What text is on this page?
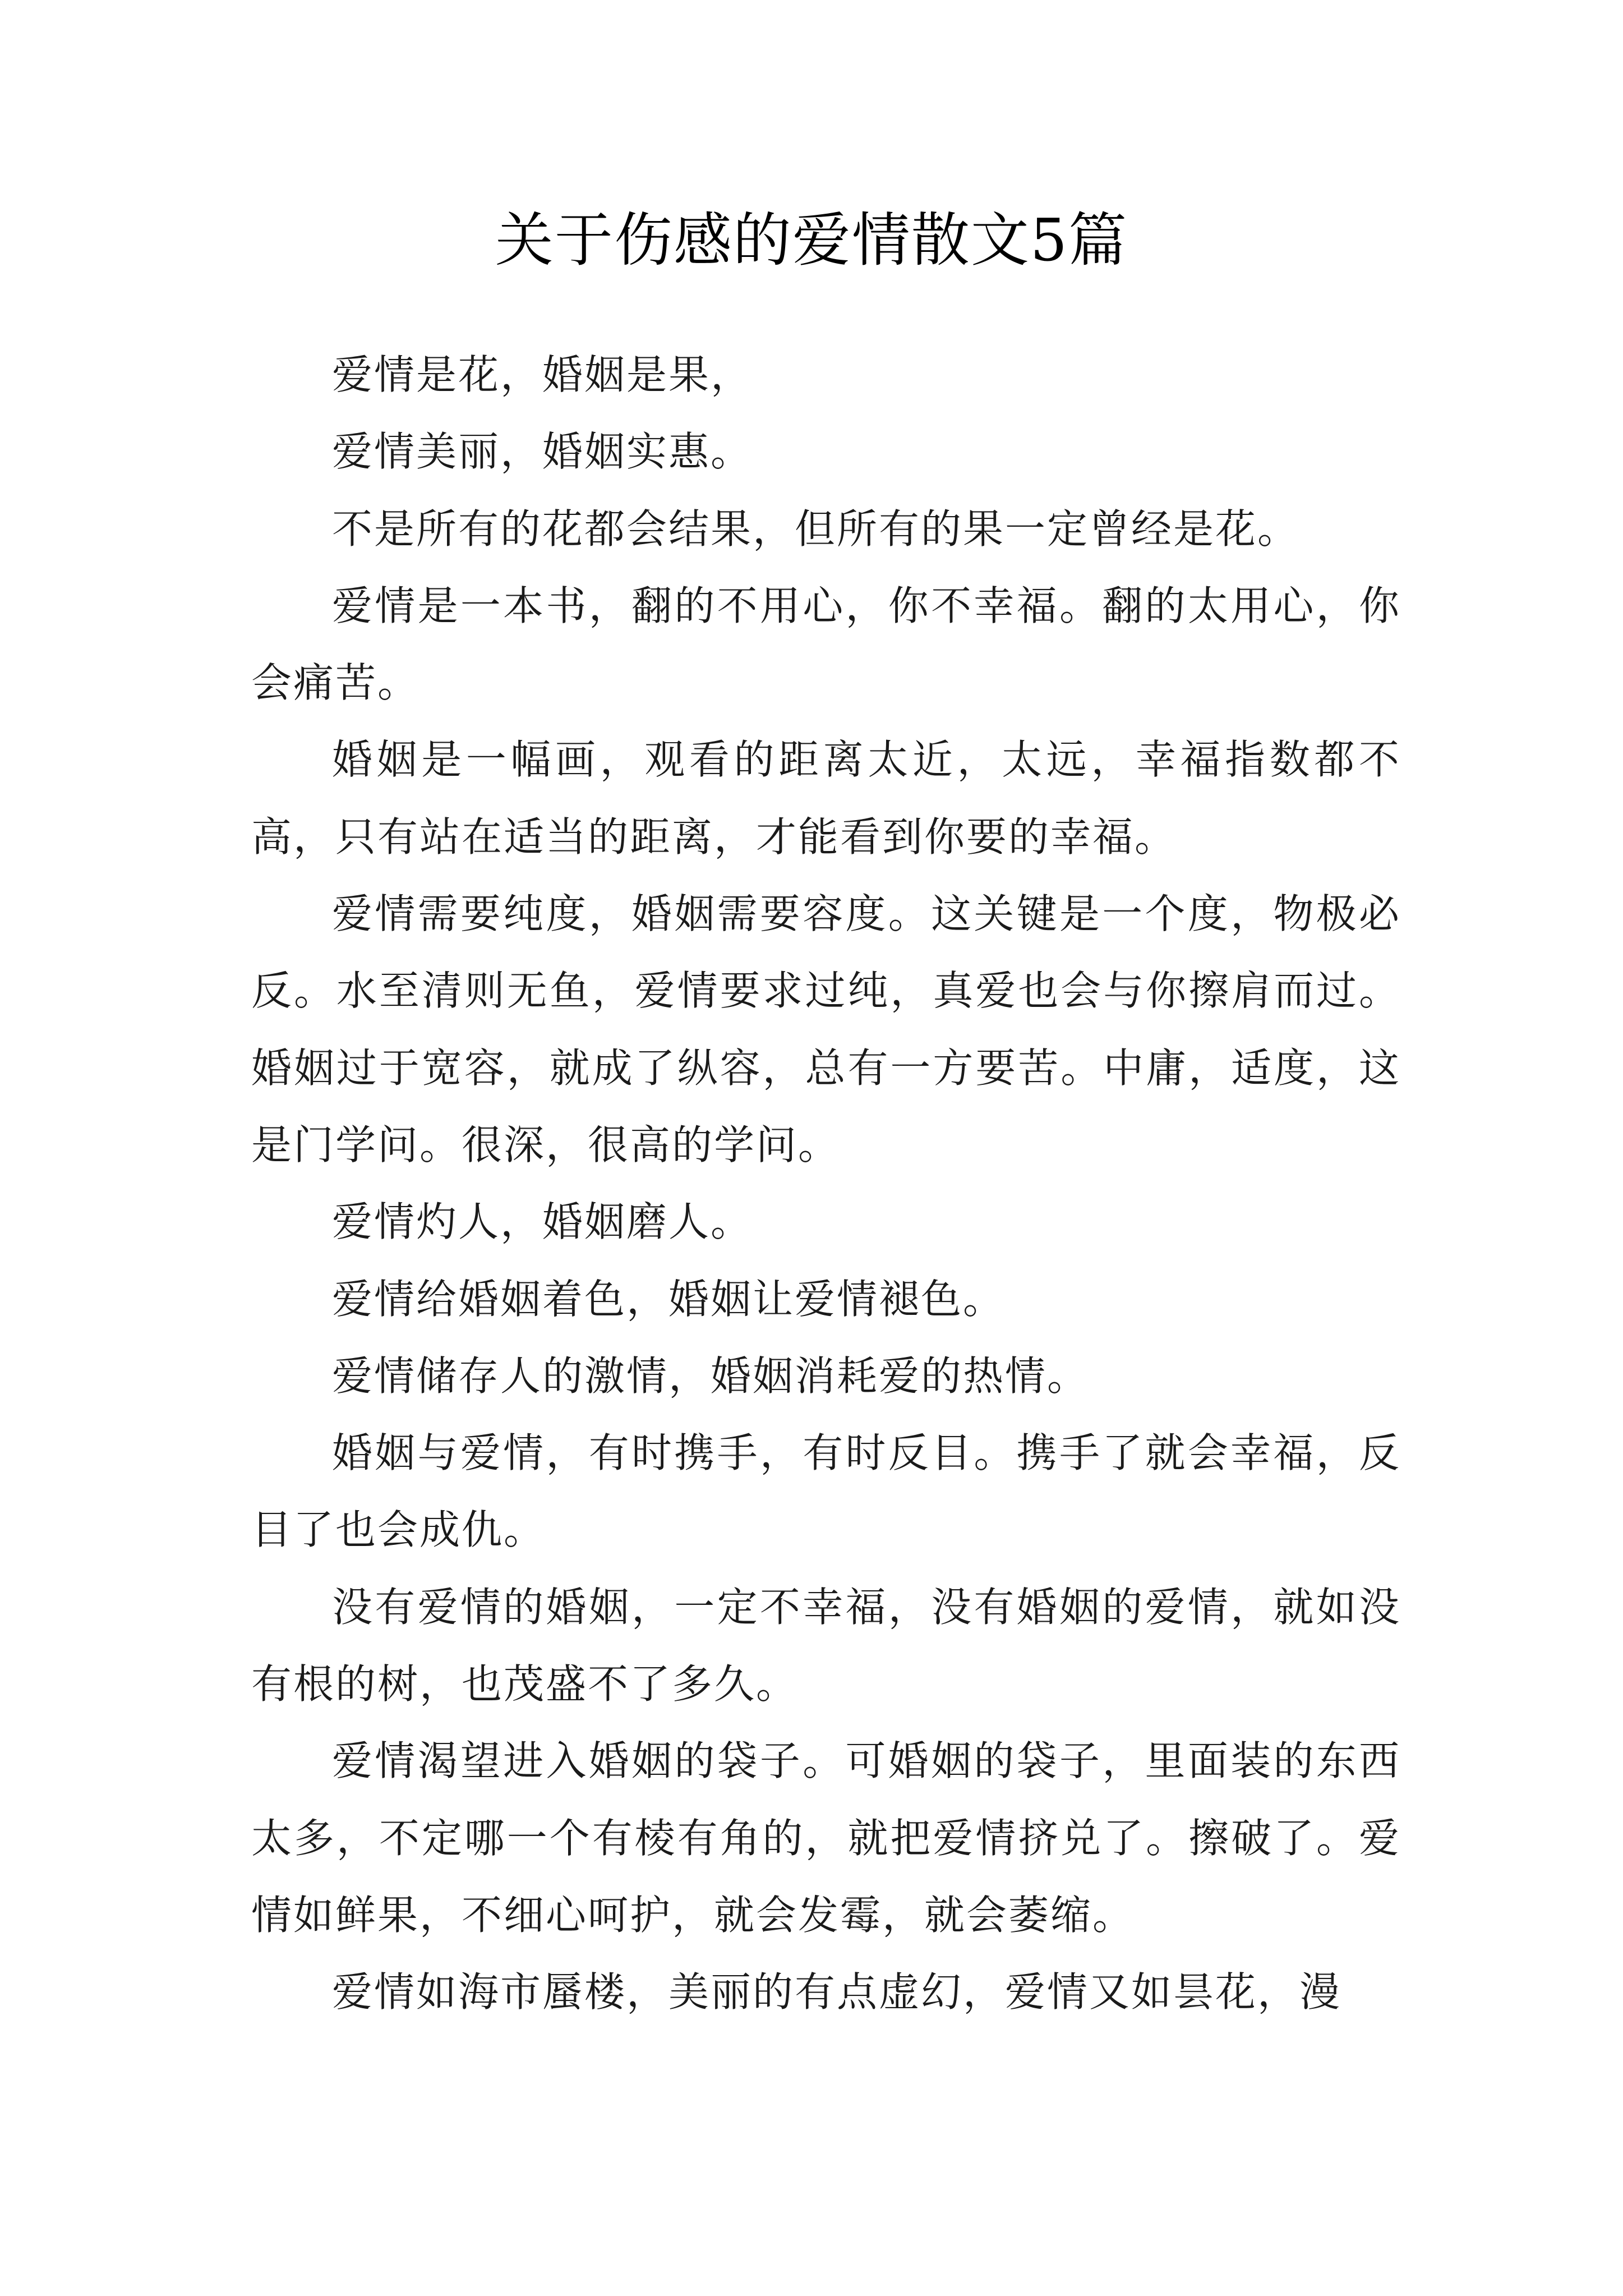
关于伤感的爱情散文5篇

爱情是花，婚姻是果，

爱情美丽，婚姻实惠。

不是所有的花都会结果，但所有的果一定曾经是花。

爱情是一本书，翻的不用心，你不幸福。翻的太用心，你会痛苦。

婚姻是一幅画，观看的距离太近，太远，幸福指数都不高，只有站在适当的距离，才能看到你要的幸福。

爱情需要纯度，婚姻需要容度。这关键是一个度，物极必反。水至清则无鱼，爱情要求过纯，真爱也会与你擦肩而过。婚姻过于宽容，就成了纵容，总有一方要苦。中庸，适度，这是门学问。很深，很高的学问。

爱情灼人，婚姻磨人。

爱情给婚姻着色，婚姻让爱情褪色。

爱情储存人的激情，婚姻消耗爱的热情。

婚姻与爱情，有时携手，有时反目。携手了就会幸福，反目了也会成仇。

没有爱情的婚姻，一定不幸福，没有婚姻的爱情，就如没有根的树，也茂盛不了多久。

爱情渴望进入婚姻的袋子。可婚姻的袋子，里面装的东西太多，不定哪一个有棱有角的，就把爱情挤兑了。擦破了。爱情如鲜果，不细心呵护，就会发霉，就会萎缩。

爱情如海市蜃楼，美丽的有点虚幻，爱情又如昙花，漫
